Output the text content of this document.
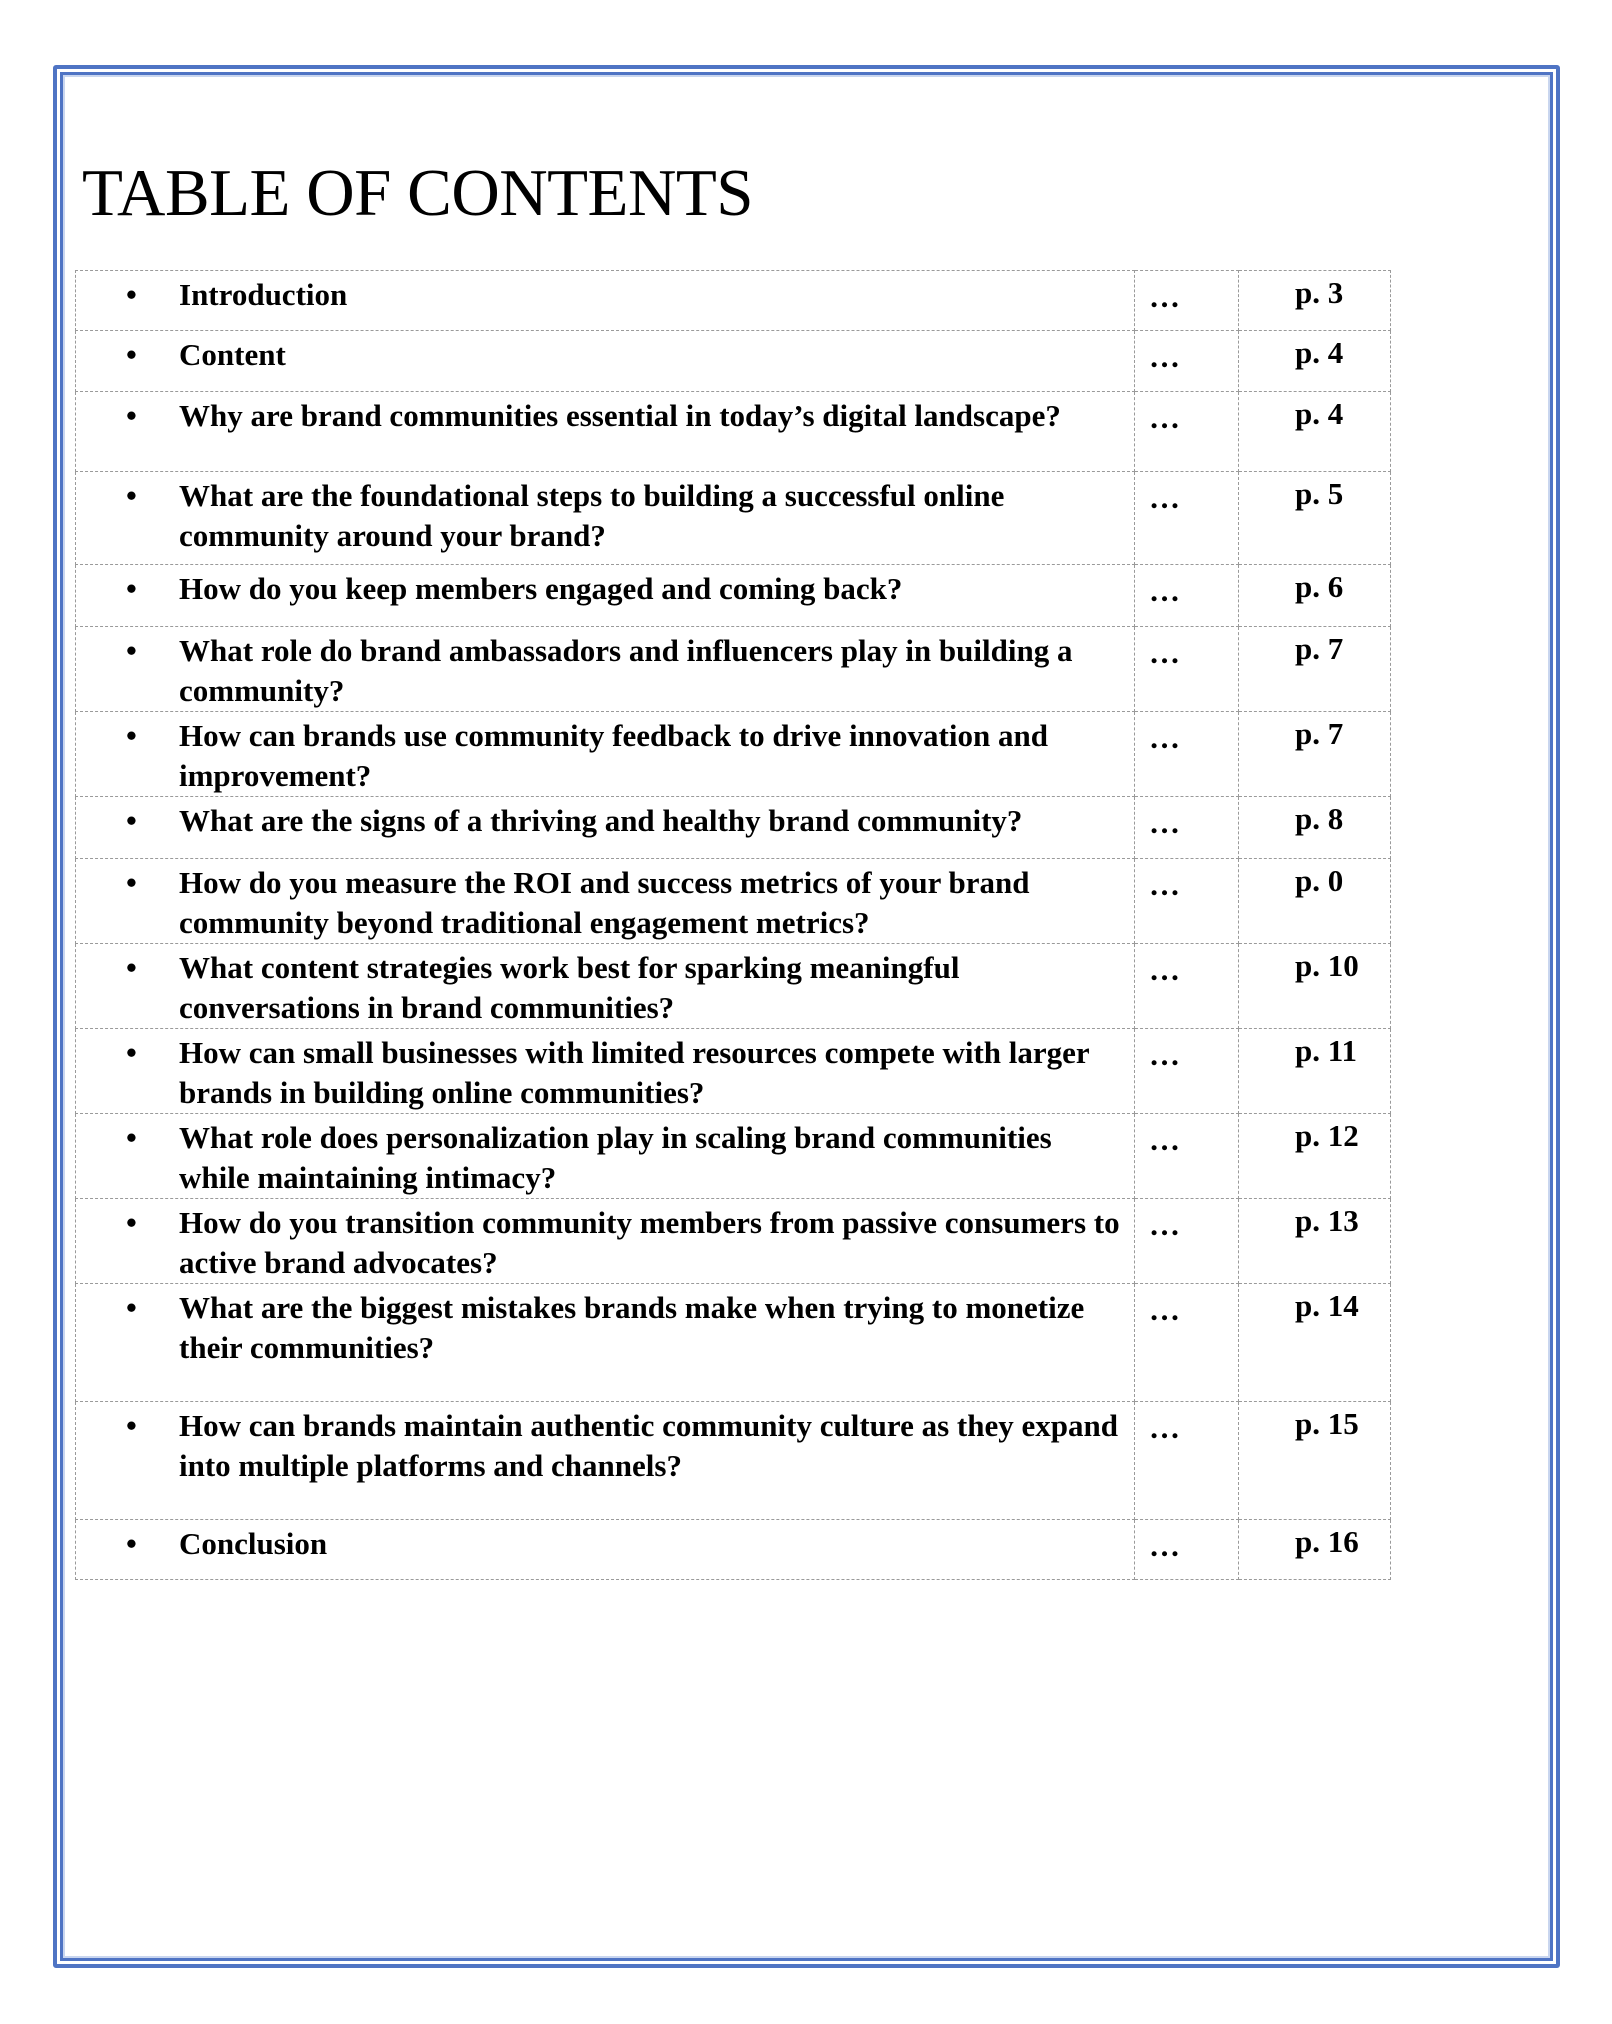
TABLE OF CONTENTS
• Introduction	…	p. 3

• Content	…	p. 4

• Why are brand communities essential in today’s digital landscape?	…	p. 4

• What are the foundational steps to building a successful online community around your brand?	…	p. 5

• How do you keep members engaged and coming back?	…	p. 6

• What role do brand ambassadors and influencers play in building a community?	…	p. 7

• How can brands use community feedback to drive innovation and improvement?	…	p. 7

• What are the signs of a thriving and healthy brand community?	…	p. 8

• How do you measure the ROI and success metrics of your brand community beyond traditional engagement metrics?	…	p. 0

• What content strategies work best for sparking meaningful conversations in brand communities?	…	p. 10

• How can small businesses with limited resources compete with larger brands in building online communities?	…	p. 11

• What role does personalization play in scaling brand communities while maintaining intimacy?	…	p. 12

• How do you transition community members from passive consumers to active brand advocates?	…	p. 13

• What are the biggest mistakes brands make when trying to monetize their communities?	…	p. 14

• How can brands maintain authentic community culture as they expand into multiple platforms and channels?	…	p. 15

• Conclusion	…	p. 16
